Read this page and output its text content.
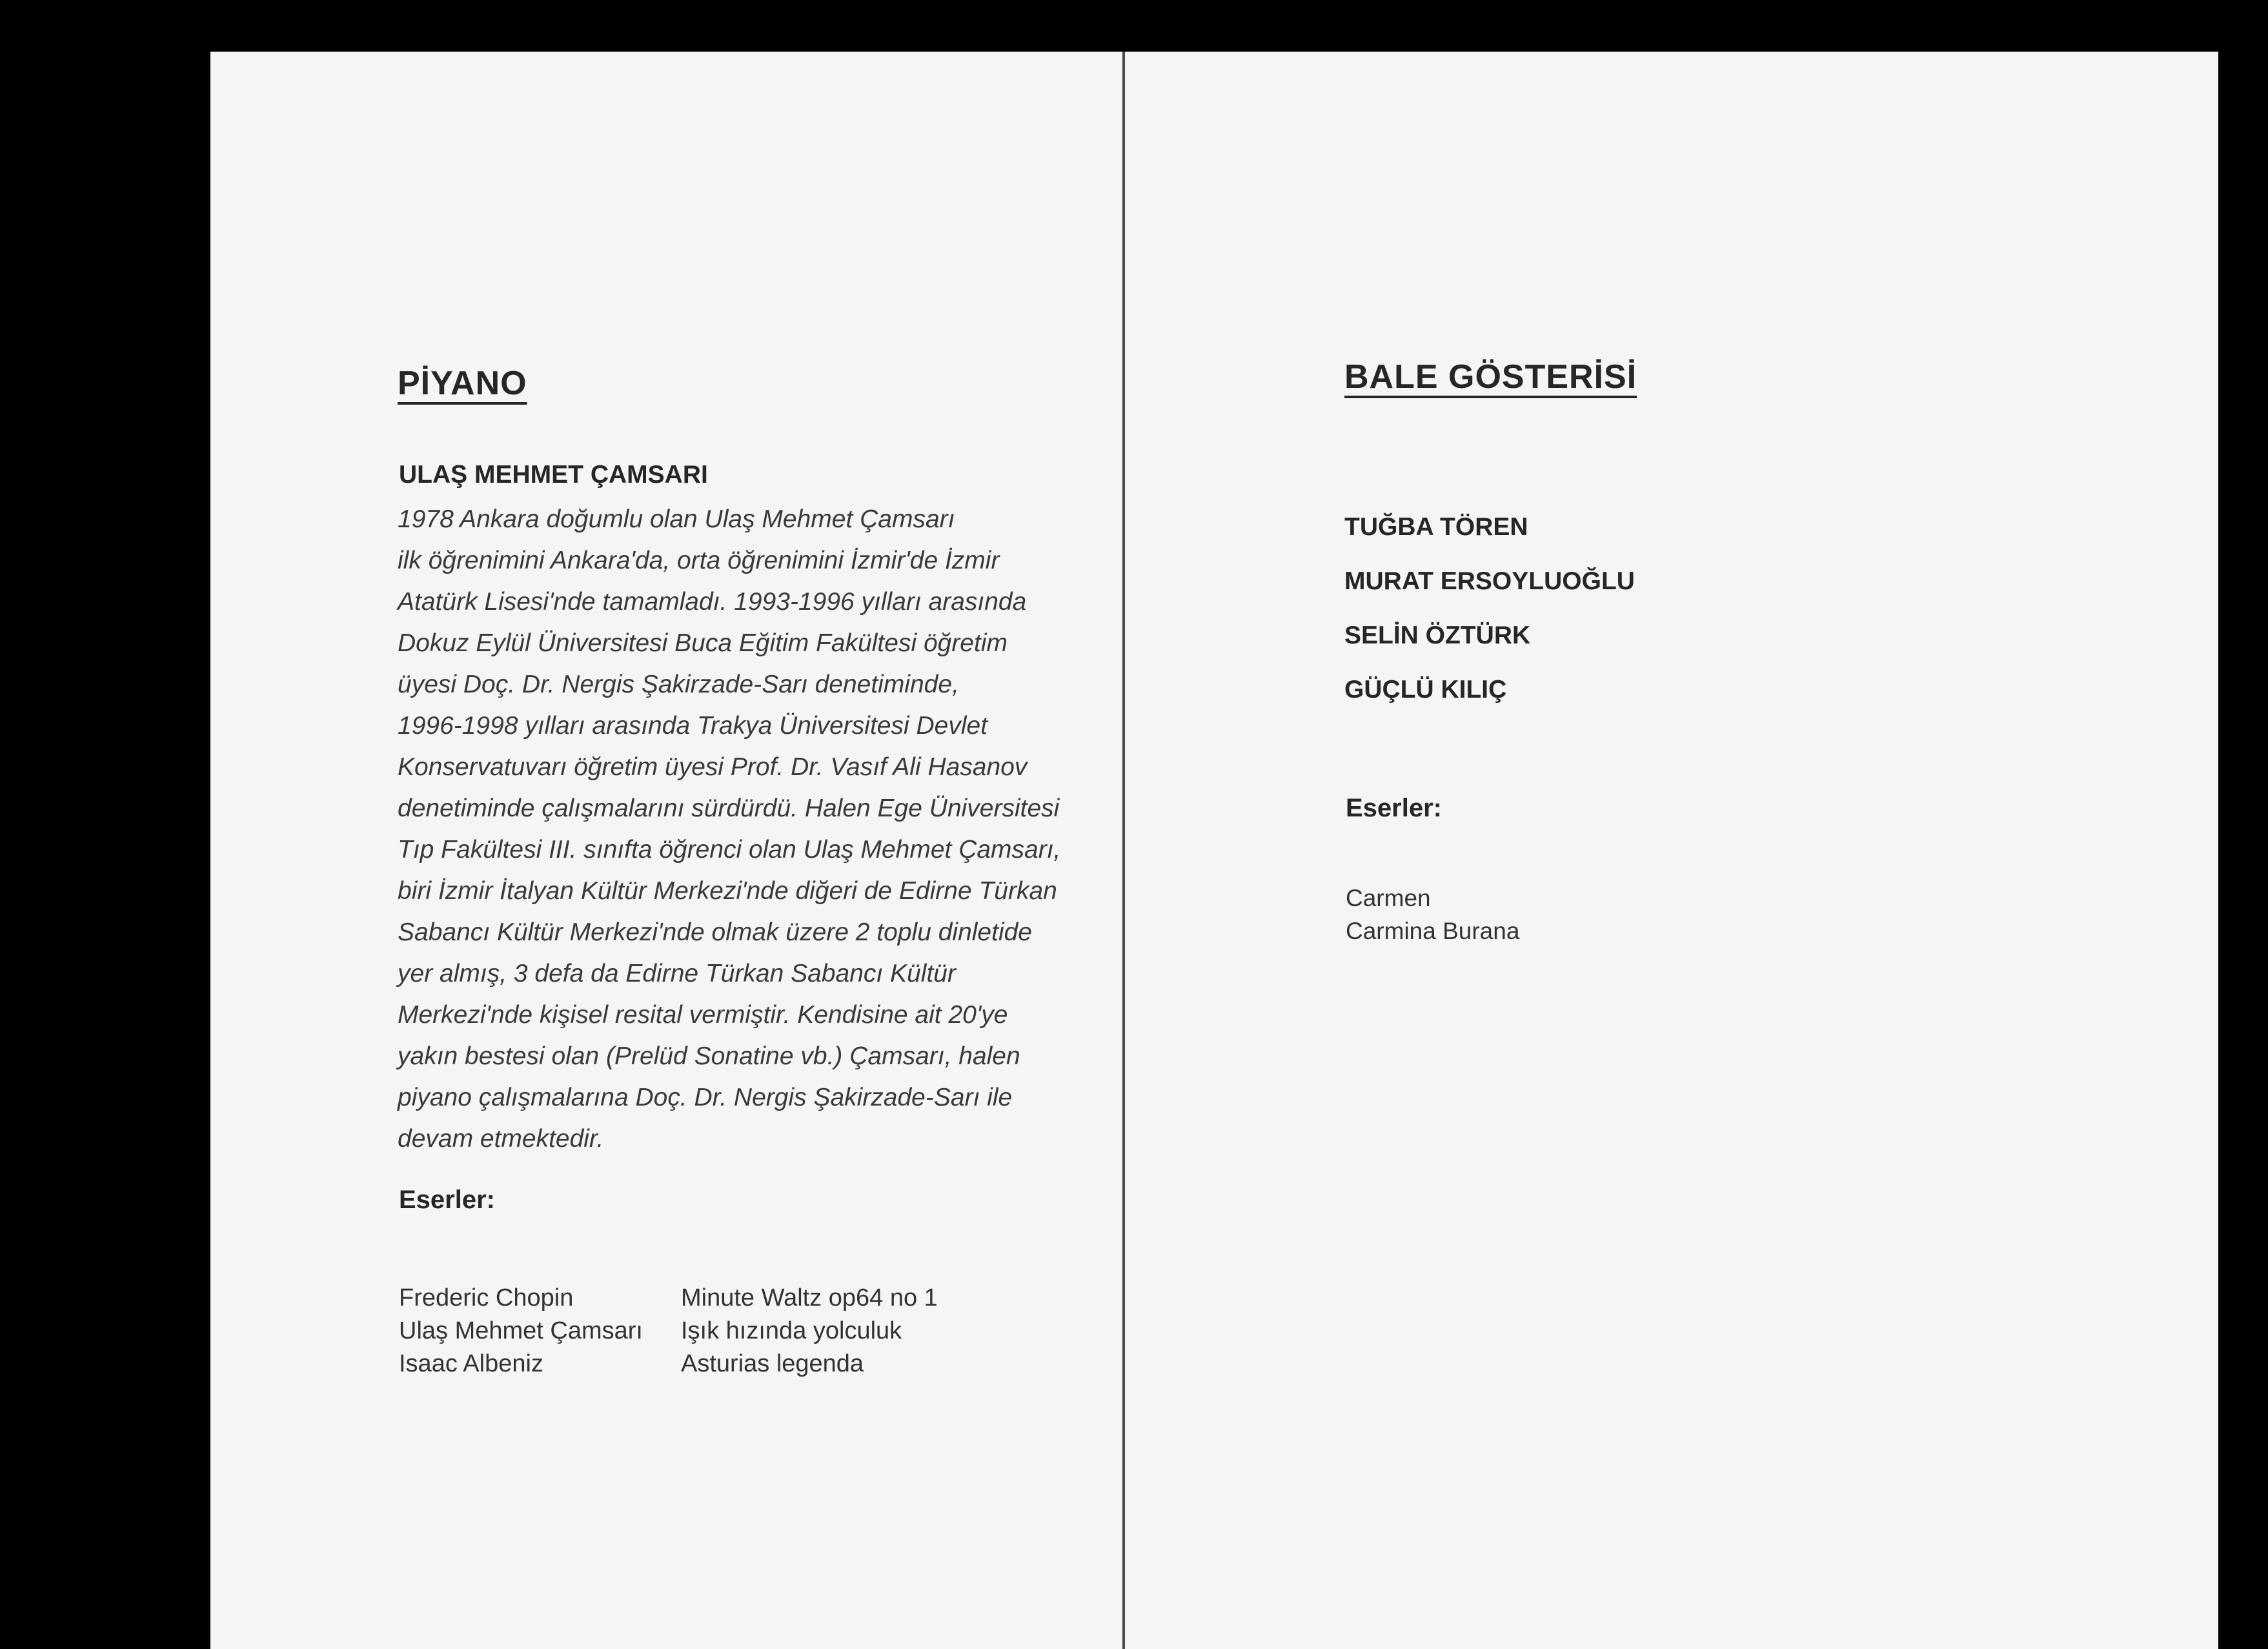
PİYANO
ULAŞ MEHMET ÇAMSARI
1978 Ankara doğumlu olan Ulaş Mehmet Çamsarı
ilk öğrenimini Ankara'da, orta öğrenimini İzmir'de İzmir
Atatürk Lisesi'nde tamamladı. 1993-1996 yılları arasında
Dokuz Eylül Üniversitesi Buca Eğitim Fakültesi öğretim
üyesi Doç. Dr. Nergis Şakirzade-Sarı denetiminde,
1996-1998 yılları arasında Trakya Üniversitesi Devlet
Konservatuvarı öğretim üyesi Prof. Dr. Vasıf Ali Hasanov
denetiminde çalışmalarını sürdürdü. Halen Ege Üniversitesi
Tıp Fakültesi III. sınıfta öğrenci olan Ulaş Mehmet Çamsarı,
biri İzmir İtalyan Kültür Merkezi'nde diğeri de Edirne Türkan
Sabancı Kültür Merkezi'nde olmak üzere 2 toplu dinletide
yer almış, 3 defa da Edirne Türkan Sabancı Kültür
Merkezi'nde kişisel resital vermiştir. Kendisine ait 20'ye
yakın bestesi olan (Prelüd Sonatine vb.) Çamsarı, halen
piyano çalışmalarına Doç. Dr. Nergis Şakirzade-Sarı ile
devam etmektedir.
Eserler:
Frederic Chopin
Ulaş Mehmet Çamsarı
Isaac Albeniz
Minute Waltz op64 no 1
Işık hızında yolculuk
Asturias legenda
BALE GÖSTERİSİ
TUĞBA TÖREN
MURAT ERSOYLUOĞLU
SELİN ÖZTÜRK
GÜÇLÜ KILIÇ
Eserler:
Carmen
Carmina Burana
